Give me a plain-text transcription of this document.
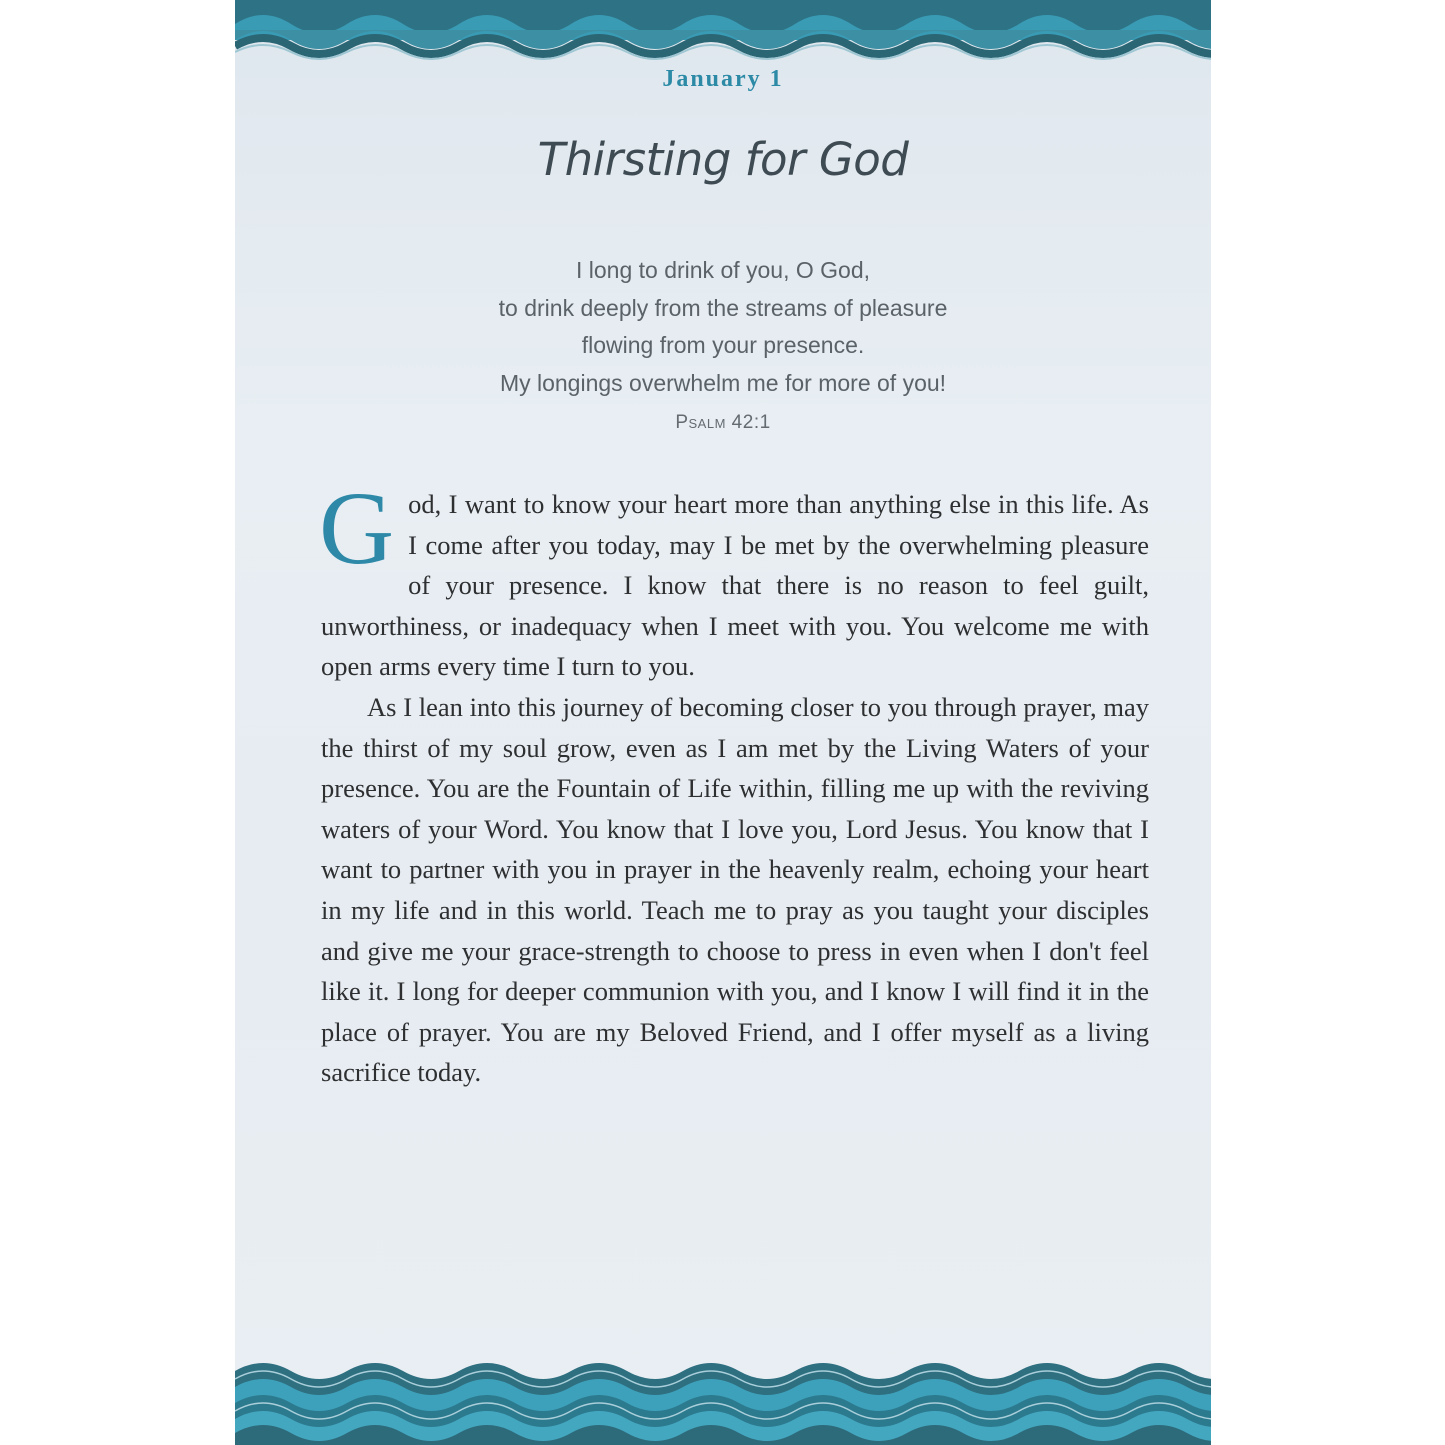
January 1
Thirsting for God
I long to drink of you, O God,
to drink deeply from the streams of pleasure
flowing from your presence.
My longings overwhelm me for more of you!
Psalm 42:1

God, I want to know your heart more than anything else in this life. As I come after you today, may I be met by the overwhelming pleasure of your presence. I know that there is no reason to feel guilt, unworthiness, or inadequacy when I meet with you. You welcome me with open arms every time I turn to you.

As I lean into this journey of becoming closer to you through prayer, may the thirst of my soul grow, even as I am met by the Living Waters of your presence. You are the Fountain of Life within, filling me up with the reviving waters of your Word. You know that I love you, Lord Jesus. You know that I want to partner with you in prayer in the heavenly realm, echoing your heart in my life and in this world. Teach me to pray as you taught your disciples and give me your grace-strength to choose to press in even when I don't feel like it. I long for deeper communion with you, and I know I will find it in the place of prayer. You are my Beloved Friend, and I offer myself as a living sacrifice today.
